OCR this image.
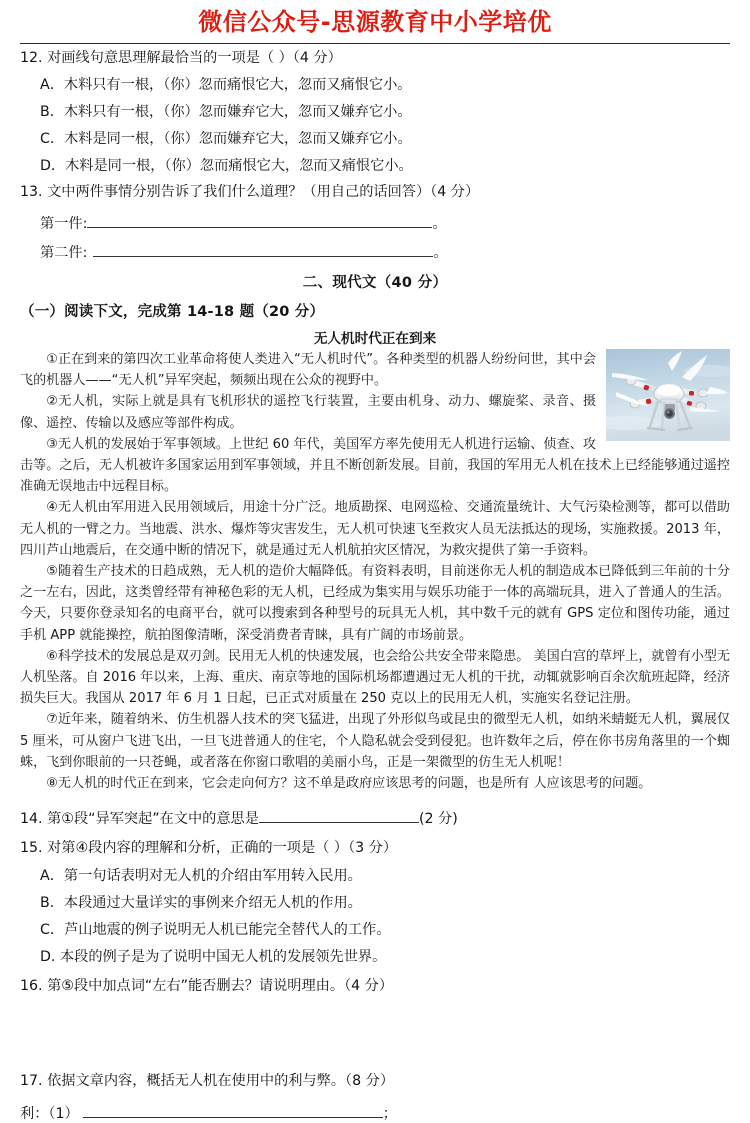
微信公众号-思源教育中小学培优
12. 对画线句意思理解最恰当的一项是（ ）（4 分）
A．木料只有一根，（你）忽而痛恨它大，忽而又痛恨它小。
B．木料只有一根，（你）忽而嫌弃它大，忽而又嫌弃它小。
C．木料是同一根，（你）忽而嫌弃它大，忽而又嫌弃它小。
D．木料是同一根，（你）忽而痛恨它大，忽而又痛恨它小。
13. 文中两件事情分别告诉了我们什么道理？（用自己的话回答）（4 分）
第一件:	。
第二件:	。
二、现代文（40 分）
（一）阅读下文，完成第 14-18 题（20 分）
无人机时代正在到来

①正在到来的第四次工业革命将使人类进入“无人机时代”。各种类型的机器人纷纷问世，其中会飞的机器人——“无人机”异军突起，频频出现在公众的视野中。

②无人机，实际上就是具有飞机形状的遥控飞行装置，主要由机身、动力、螺旋桨、录音、摄像、遥控、传输以及感应等部件构成。

③无人机的发展始于军事领域。上世纪 60 年代，美国军方率先使用无人机进行运输、侦查、攻击等。之后，无人机被许多国家运用到军事领域，并且不断创新发展。目前，我国的军用无人机在技术上已经能够通过遥控准确无误地击中远程目标。

④无人机由军用进入民用领域后，用途十分广泛。地质勘探、电网巡检、交通流量统计、大气污染检测等，都可以借助无人机的一臂之力。当地震、洪水、爆炸等灾害发生，无人机可快速飞至救灾人员无法抵达的现场，实施救援。2013 年，四川芦山地震后，在交通中断的情况下，就是通过无人机航拍灾区情况，为救灾提供了第一手资料。

⑤随着生产技术的日趋成熟，无人机的造价大幅降低。有资料表明，目前迷你无人机的制造成本已降低到三年前的十分之一左右，因此，这类曾经带有神秘色彩的无人机，已经成为集实用与娱乐功能于一体的高端玩具，进入了普通人的生活。今天，只要你登录知名的电商平台，就可以搜索到各种型号的玩具无人机，其中数千元的就有 GPS 定位和图传功能，通过手机 APP 就能操控，航拍图像清晰，深受消费者青睐，具有广阔的市场前景。

⑥科学技术的发展总是双刃剑。民用无人机的快速发展，也会给公共安全带来隐患。 美国白宫的草坪上，就曾有小型无人机坠落。自 2016 年以来，上海、重庆、南京等地的国际机场都遭遇过无人机的干扰，动辄就影响百余次航班起降，经济损失巨大。我国从 2017 年 6 月 1 日起，已正式对质量在 250 克以上的民用无人机，实施实名登记注册。

⑦近年来，随着纳米、仿生机器人技术的突飞猛进，出现了外形似鸟或昆虫的微型无人机，如纳米蜻蜓无人机，翼展仅 5 厘米，可从窗户飞进飞出，一旦飞进普通人的住宅，个人隐私就会受到侵犯。也许数年之后，停在你书房角落里的一个蜘蛛，飞到你眼前的一只苍蝇，或者落在你窗口歌唱的美丽小鸟，正是一架微型的仿生无人机呢！

⑧无人机的时代正在到来，它会走向何方？这不单是政府应该思考的问题，也是所有 人应该思考的问题。

14. 第①段“异军突起”在文中的意思是	(2 分)
15. 对第④段内容的理解和分析，正确的一项是（ ）（3 分）
A．第一句话表明对无人机的介绍由军用转入民用。
B．本段通过大量详实的事例来介绍无人机的作用。
C．芦山地震的例子说明无人机已能完全替代人的工作。
D. 本段的例子是为了说明中国无人机的发展领先世界。
16. 第⑤段中加点词“左右”能否删去？请说明理由。（4 分）
17. 依据文章内容，概括无人机在使用中的利与弊。（8 分）
利：（1）	；
